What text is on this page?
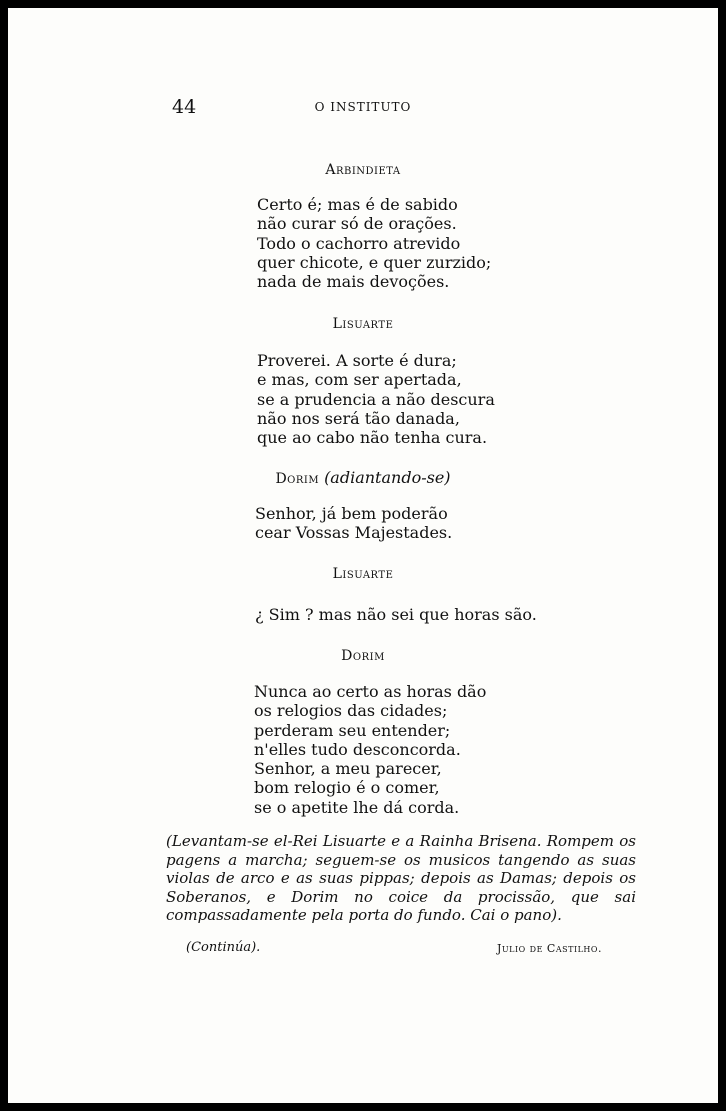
44	O INSTITUTO
Arbindieta
Certo é; mas é de sabido
não curar só de orações.
Todo o cachorro atrevido
quer chicote, e quer zurzido;
nada de mais devoções.
Lisuarte
Proverei. A sorte é dura;
e mas, com ser apertada,
se a prudencia a não descura
não nos será tão danada,
que ao cabo não tenha cura.
Dorim (adiantando-se)
Senhor, já bem poderão
cear Vossas Majestades.
Lisuarte
¿ Sim ? mas não sei que horas são.
Dorim
Nunca ao certo as horas dão
os relogios das cidades;
perderam seu entender;
n'elles tudo desconcorda.
Senhor, a meu parecer,
bom relogio é o comer,
se o apetite lhe dá corda.
(Levantam-se el-Rei Lisuarte e a Rainha Brisena. Rompem os pagens a marcha; seguem-se os musicos tangendo as suas violas de arco e as suas pippas; depois as Damas; depois os Soberanos, e Dorim no coice da procissão, que sai compassadamente pela porta do fundo. Cai o pano).
(Continúa).	Julio de Castilho.
